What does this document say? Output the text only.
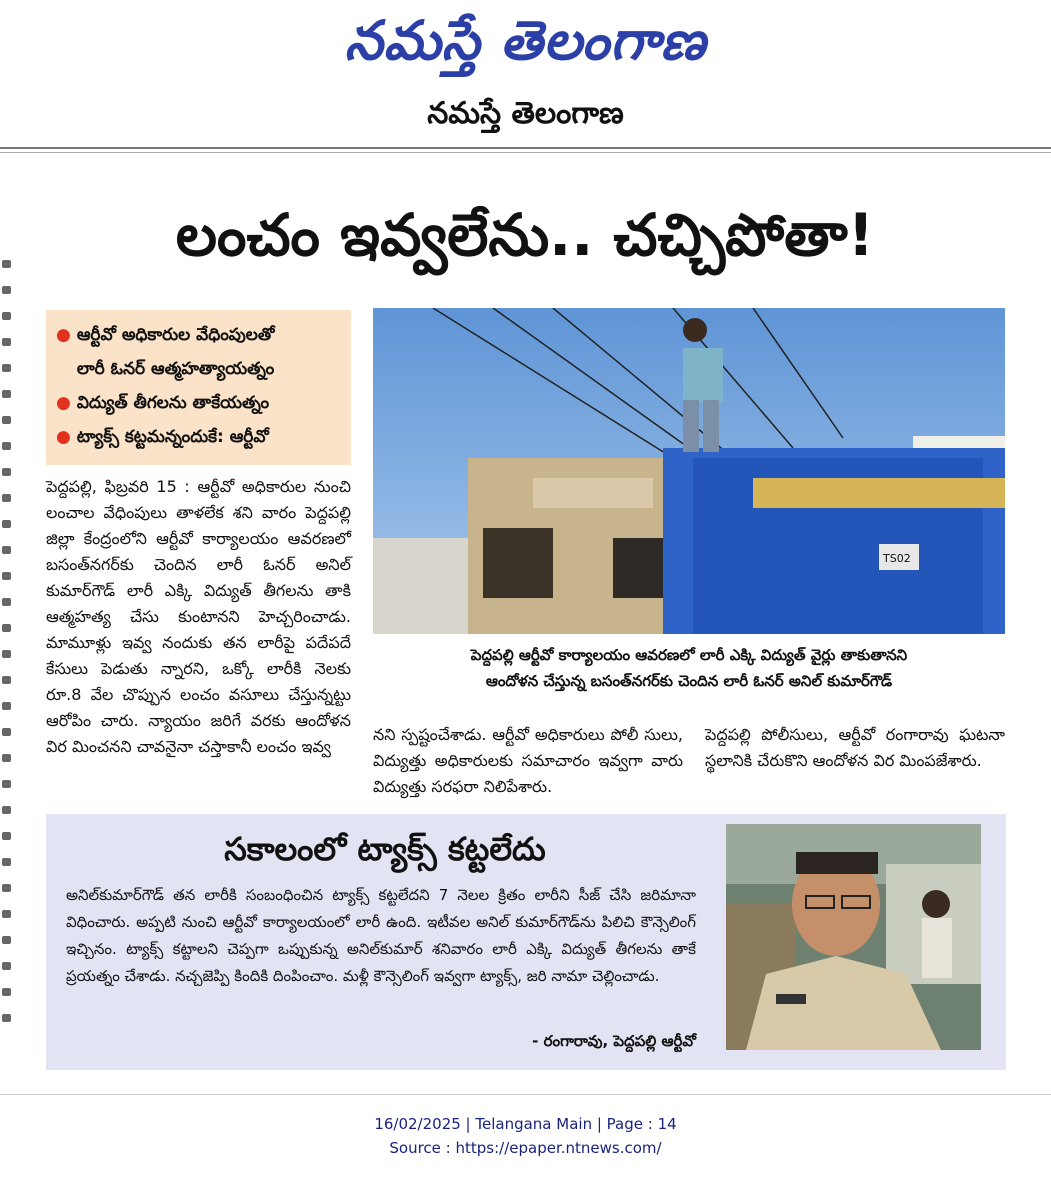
నమస్తే తెలంగాణ
నమస్తే తెలంగాణ
లంచం ఇవ్వలేను.. చచ్చిపోతా!
● ఆర్టీవో అధికారుల వేధింపులతో
లారీ ఓనర్ ఆత్మహత్యాయత్నం
● విద్యుత్ తీగలను తాకేయత్నం
● ట్యాక్స్ కట్టమన్నందుకే: ఆర్టీవో
పెద్దపల్లి, ఫిబ్రవరి 15 : ఆర్టీవో అధికారుల నుంచి లంచాల వేధింపులు తాళలేక శని వారం పెద్దపల్లి జిల్లా కేంద్రంలోని ఆర్టీవో కార్యాలయం ఆవరణలో బసంత్‌నగర్‌కు చెందిన లారీ ఓనర్ అనిల్ కుమార్‌గౌడ్ లారీ ఎక్కి విద్యుత్ తీగలను తాకి ఆత్మహత్య చేసు కుంటానని హెచ్చరించాడు. మామూళ్లు ఇవ్వ నందుకు తన లారీపై పదేపదే కేసులు పెడుతు న్నారని, ఒక్కో లారీకి నెలకు రూ.8 వేల చొప్పున లంచం వసూలు చేస్తున్నట్టు ఆరోపిం చారు. న్యాయం జరిగే వరకు ఆందోళన విర మించనని చావనైనా చస్తాకానీ లంచం ఇవ్వ
TS02
పెద్దపల్లి ఆర్టీవో కార్యాలయం ఆవరణలో లారీ ఎక్కి విద్యుత్ వైర్లు తాకుతానని
ఆందోళన చేస్తున్న బసంత్‌నగర్‌కు చెందిన లారీ ఓనర్ అనిల్ కుమార్‌గౌడ్
నని స్పష్టంచేశాడు. ఆర్టీవో అధికారులు పోలీ సులు, విద్యుత్తు అధికారులకు సమాచారం ఇవ్వగా వారు విద్యుత్తు సరఫరా నిలిపేశారు.
పెద్దపల్లి పోలీసులు, ఆర్టీవో రంగారావు ఘటనా స్థలానికి చేరుకొని ఆందోళన విర మింపజేశారు.
సకాలంలో ట్యాక్స్ కట్టలేదు
అనిల్‌కుమార్‌గౌడ్ తన లారీకి సంబంధించిన ట్యాక్స్ కట్టలేదని 7 నెలల క్రితం లారీని సీజ్ చేసి జరిమానా విధించారు. అప్పటి నుంచి ఆర్టీవో కార్యాలయంలో లారీ ఉంది. ఇటీవల అనిల్ కుమార్‌గౌడ్‌ను పిలిచి కౌన్సెలింగ్ ఇచ్చినం. ట్యాక్స్ కట్టాలని చెప్పగా ఒప్పుకున్న అనిల్‌కుమార్ శనివారం లారీ ఎక్కి విద్యుత్ తీగలను తాకే ప్రయత్నం చేశాడు. నచ్చజెప్పి కిందికి దింపించాం. మళ్లీ కౌన్సెలింగ్ ఇవ్వగా ట్యాక్స్, జరి నామా చెల్లించాడు.
- రంగారావు, పెద్దపల్లి ఆర్టీవో
16/02/2025 | Telangana Main | Page : 14
Source : https://epaper.ntnews.com/
